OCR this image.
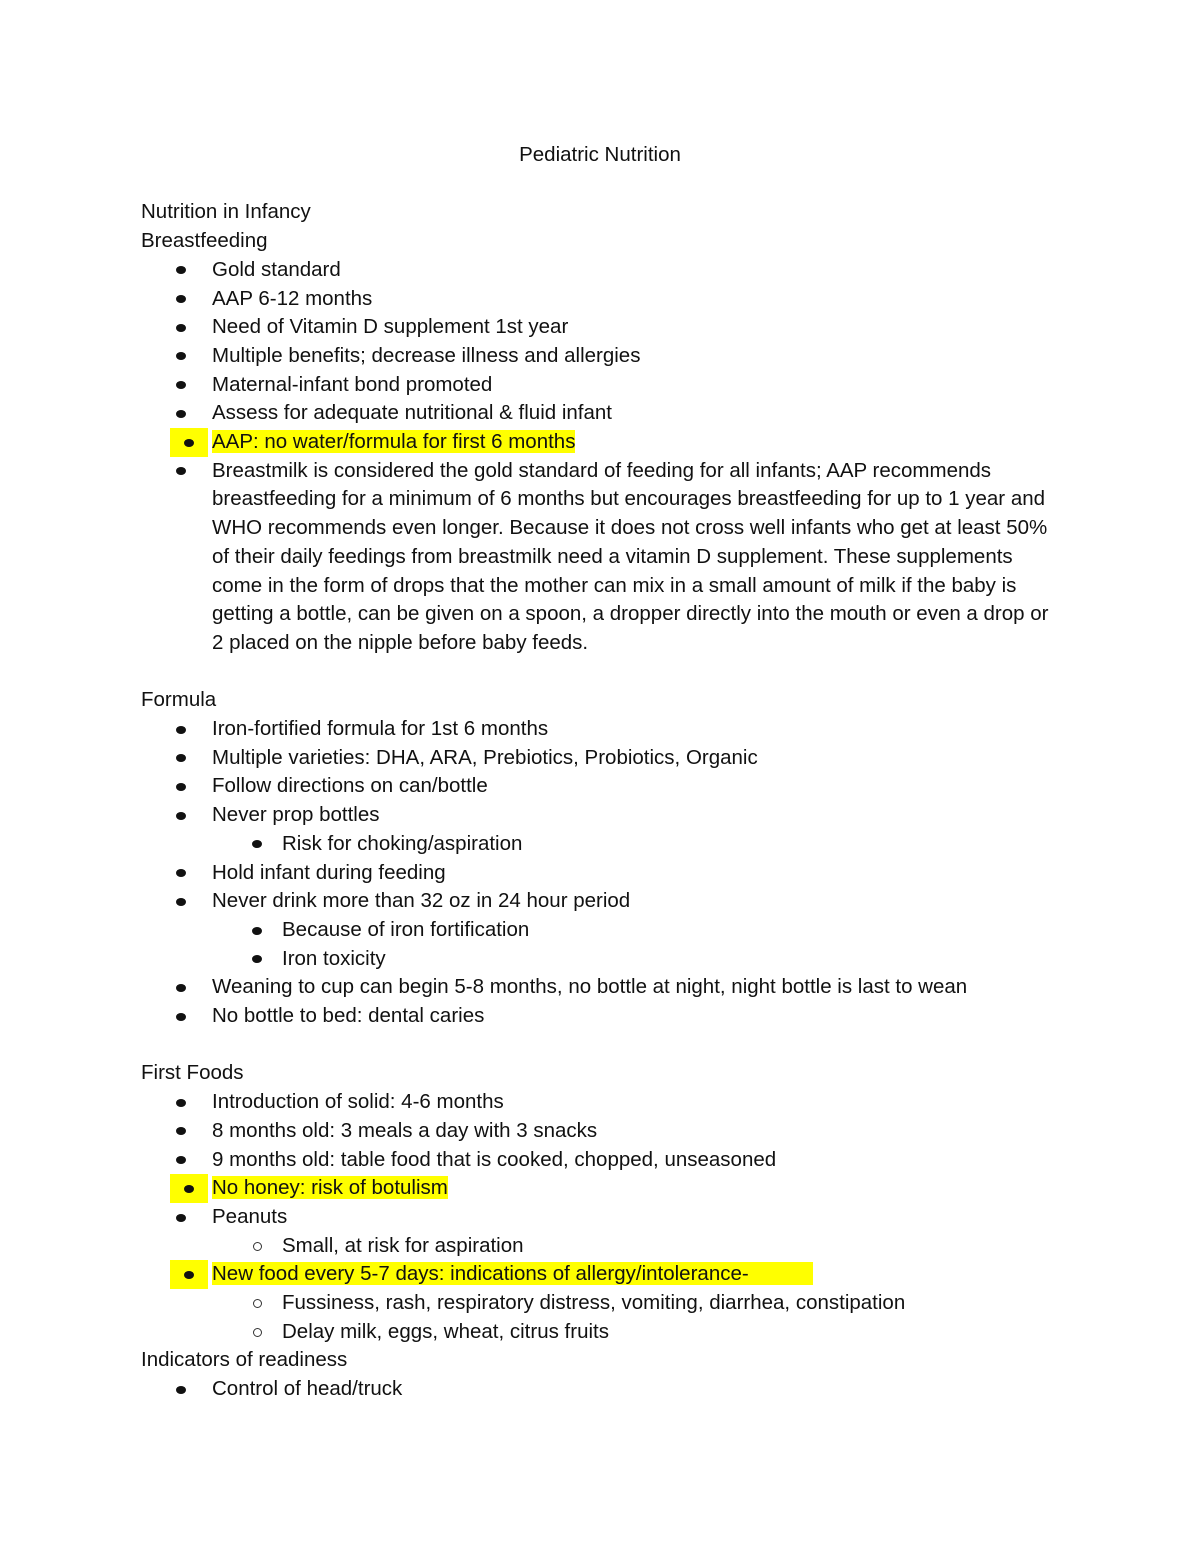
Pediatric Nutrition
Nutrition in Infancy
Breastfeeding
Gold standard
AAP 6-12 months
Need of Vitamin D supplement 1st year
Multiple benefits; decrease illness and allergies
Maternal-infant bond promoted
Assess for adequate nutritional & fluid infant
AAP: no water/formula for first 6 months
Breastmilk is considered the gold standard of feeding for all infants; AAP recommends breastfeeding for a minimum of 6 months but encourages breastfeeding for up to 1 year and WHO recommends even longer. Because it does not cross well infants who get at least 50% of their daily feedings from breastmilk need a vitamin D supplement. These supplements come in the form of drops that the mother can mix in a small amount of milk if the baby is getting a bottle, can be given on a spoon, a dropper directly into the mouth or even a drop or 2 placed on the nipple before baby feeds.
Formula
Iron-fortified formula for 1st 6 months
Multiple varieties: DHA, ARA, Prebiotics, Probiotics, Organic
Follow directions on can/bottle
Never prop bottles
Risk for choking/aspiration
Hold infant during feeding
Never drink more than 32 oz in 24 hour period
Because of iron fortification
Iron toxicity
Weaning to cup can begin 5-8 months, no bottle at night, night bottle is last to wean
No bottle to bed: dental caries
First Foods
Introduction of solid: 4-6 months
8 months old: 3 meals a day with 3 snacks
9 months old: table food that is cooked, chopped, unseasoned
No honey: risk of botulism
Peanuts
Small, at risk for aspiration
New food every 5-7 days: indications of allergy/intolerance-
Fussiness, rash, respiratory distress, vomiting, diarrhea, constipation
Delay milk, eggs, wheat, citrus fruits
Indicators of readiness
Control of head/truck
